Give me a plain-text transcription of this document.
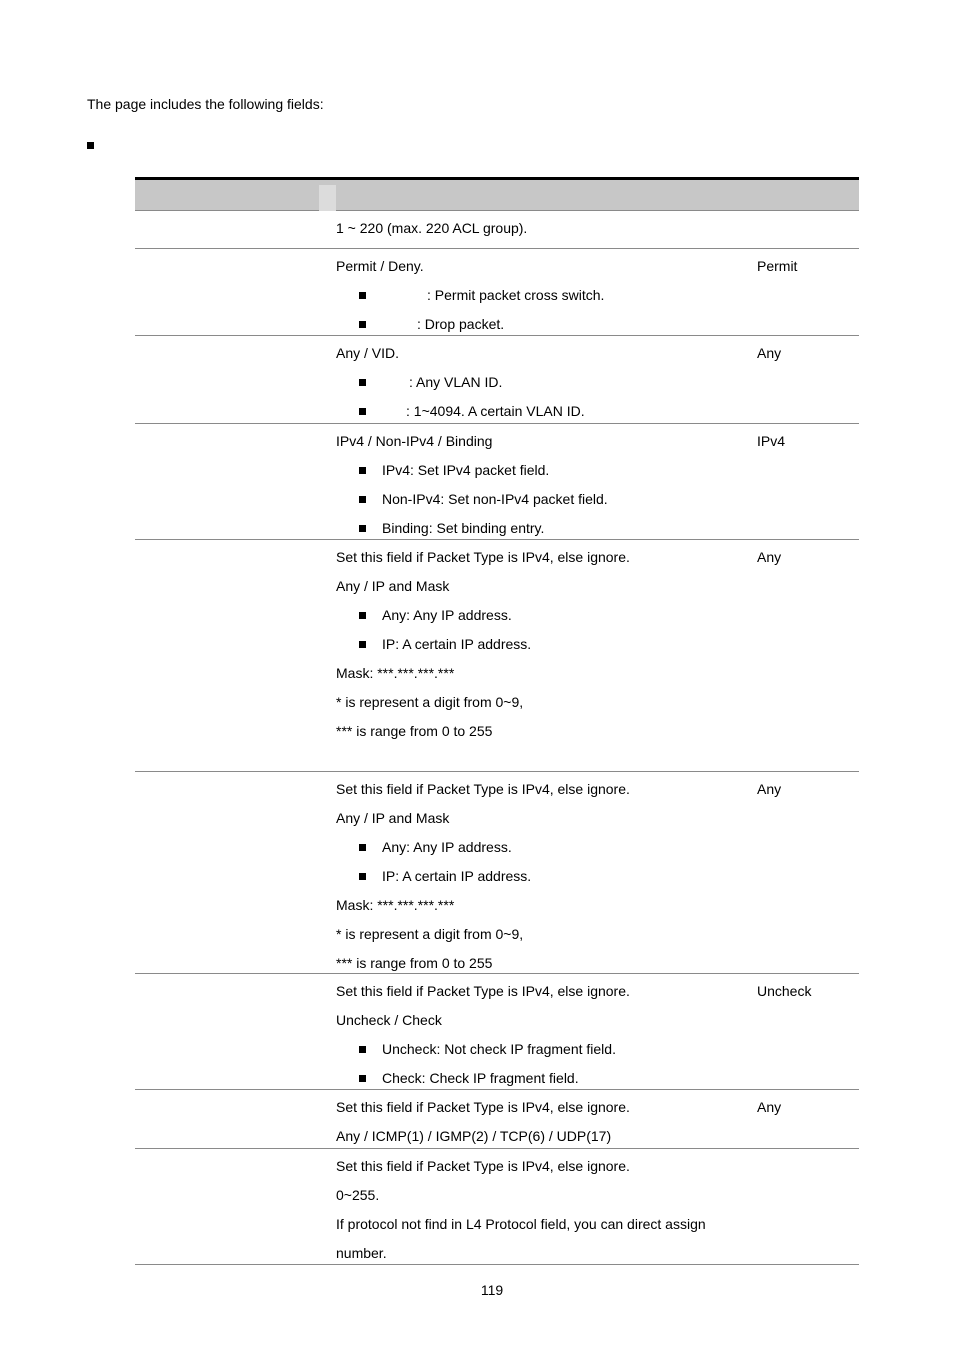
The page includes the following fields:

1 ~ 220 (max. 220 ACL group).
Permit / Deny.
: Permit packet cross switch.
: Drop packet.
Permit
Any / VID.
: Any VLAN ID.
: 1~4094. A certain VLAN ID.
Any
IPv4 / Non-IPv4 / Binding
IPv4: Set IPv4 packet field.
Non-IPv4: Set non-IPv4 packet field.
Binding: Set binding entry.
IPv4
Set this field if Packet Type is IPv4, else ignore.
Any / IP and Mask
Any: Any IP address.
IP: A certain IP address.
Mask: ***.***.***.***
* is represent a digit from 0~9,
*** is range from 0 to 255
Any
Set this field if Packet Type is IPv4, else ignore.
Any / IP and Mask
Any: Any IP address.
IP: A certain IP address.
Mask: ***.***.***.***
* is represent a digit from 0~9,
*** is range from 0 to 255
Any
Set this field if Packet Type is IPv4, else ignore.
Uncheck / Check
Uncheck: Not check IP fragment field.
Check: Check IP fragment field.
Uncheck
Set this field if Packet Type is IPv4, else ignore.
Any / ICMP(1) / IGMP(2) / TCP(6) / UDP(17)
Any
Set this field if Packet Type is IPv4, else ignore.
0~255.
If protocol not find in L4 Protocol field, you can direct assign
number.
119
